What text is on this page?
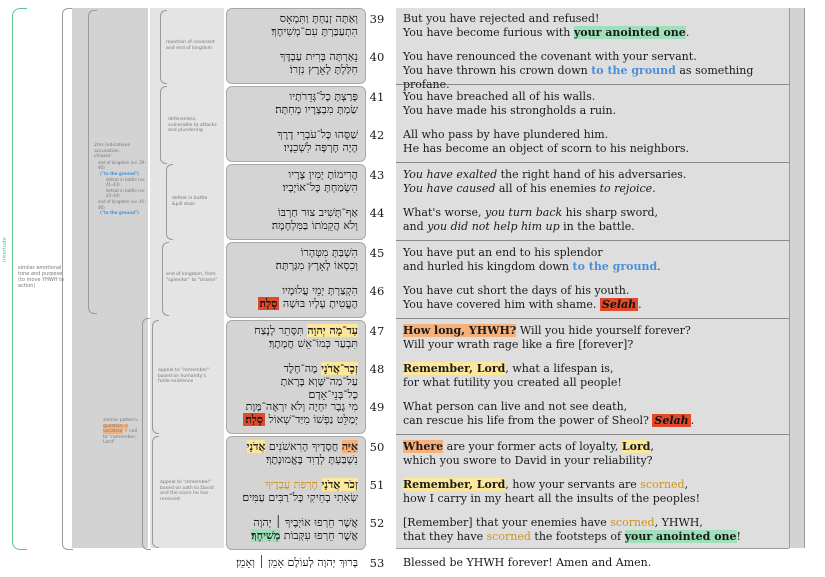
Interlude
similar emotional
tone and purpose
(to move YHWH to
action)
2ms indicatives
accusation
chiasm:
end of kingdom (vv. 39–46)
("to the ground")
defeat in battle (vv. 41–43)
defeat in battle (vv. 43–44)
end of kingdom (vv. 45–46)
("to the ground")
similar pattern:
question +
vocative + call
to "remember,
Lord"
rejection of covenant
and end of kingdom
defenseless,
vulnerable to attacks
and plundering
defeat in battle
&pill stain
end of kingdom, from
"splendor" to "shame"
appeal to "remember"
based on humanity's
futile existence
appeal to "remember"
based on oath to David
and the scorn he has
received
וְאַתָּה זָנַחְתָּ וַתִּמְאָס
הִתְעַבַּרְתָּ עִם־מְשִׁיחֶךָ׃
39	But you have rejected and refused!
You have become furious with your anointed one.
נֵאַרְתָּה בְּרִית עַבְדֶּךָ
חִלַּלְתָּ לָאָרֶץ נִזְרוֹ׃
40	You have renounced the covenant with your servant.
You have thrown his crown down to the ground as something profane.
פָּרַצְתָּ כָל־גְּדֵרֹתָיו
שַׂמְתָּ מִבְצָרָיו מְחִתָּה׃
41	You have breached all of his walls.
You have made his strongholds a ruin.
שַׁסֻּהוּ כָּל־עֹבְרֵי דָרֶךְ
הָיָה חֶרְפָּה לִשְׁכֵנָיו׃
42	All who pass by have plundered him.
He has become an object of scorn to his neighbors.
הֲרִימוֹתָ יְמִין צָרָיו
הִשְׂמַחְתָּ כָּל־אוֹיְבָיו׃
43	You have exalted the right hand of his adversaries.
You have caused all of his enemies to rejoice.
אַף־תָּשִׁיב צוּר חַרְבּוֹ
וְלֹא הֲקֵמֹתוֹ בַּמִּלְחָמָה׃
44	What's worse, you turn back his sharp sword,
and you did not help him up in the battle.
הִשְׁבַּתָּ מִטְּהָרוֹ
וְכִסְאוֹ לָאָרֶץ מִגַּרְתָּה׃
45	You have put an end to his splendor
and hurled his kingdom down to the ground.
הִקְצַרְתָּ יְמֵי עֲלוּמָיו
הֶעֱטִיתָ עָלָיו בּוּשָׁה סֶלָה׃
46	You have cut short the days of his youth.
You have covered him with shame. Selah .
עַד־מָה יְהוָה תִּסָּתֵר לָנֶצַח
תִּבְעַר כְּמוֹ־אֵשׁ חֲמָתֶךָ׃
47	How long, YHWH? Will you hide yourself forever?
Will your wrath rage like a fire [forever]?
זְכָר־אֲדֹנָי מֶה־חָלֶד
עַל־מַה־שָּׁוְא בָּרָאתָ כָל־בְּנֵי־אָדָם׃
48	Remember, Lord, what a lifespan is,
for what futility you created all people!
מִי גֶבֶר יִחְיֶה וְלֹא יִרְאֶה־מָּוֶת
יְמַלֵּט נַפְשׁוֹ מִיַּד־שְׁאוֹל סֶלָה׃
49	What person can live and not see death,
can rescue his life from the power of Sheol? Selah .
אַיֵּה חֲסָדֶיךָ הָרִאשֹׁנִים אֲדֹנָי
נִשְׁבַּעְתָּ לְדָוִד בֶּאֱמוּנָתֶךָ׃
50	Where are your former acts of loyalty, Lord,
which you swore to David in your reliability?
זְכֹר אֲדֹנָי חֶרְפַּת עֲבָדֶיךָ
שְׂאֵתִי בְחֵיקִי כָּל־רַבִּים עַמִּים׃
51	Remember, Lord, how your servants are scorned,
how I carry in my heart all the insults of the peoples!
אֲשֶׁר חֵרְפוּ אוֹיְבֶיךָ ׀ יְהוָה
אֲשֶׁר חֵרְפוּ עִקְּבוֹת מְשִׁיחֶךָ׃
52	[Remember] that your enemies have scorned, YHWH,
that they have scorned the footsteps of your anointed one!
בָּרוּךְ יְהוָה לְעוֹלָם אָמֵן ׀ וְאָמֵן׃	53	Blessed be YHWH forever! Amen and Amen.
